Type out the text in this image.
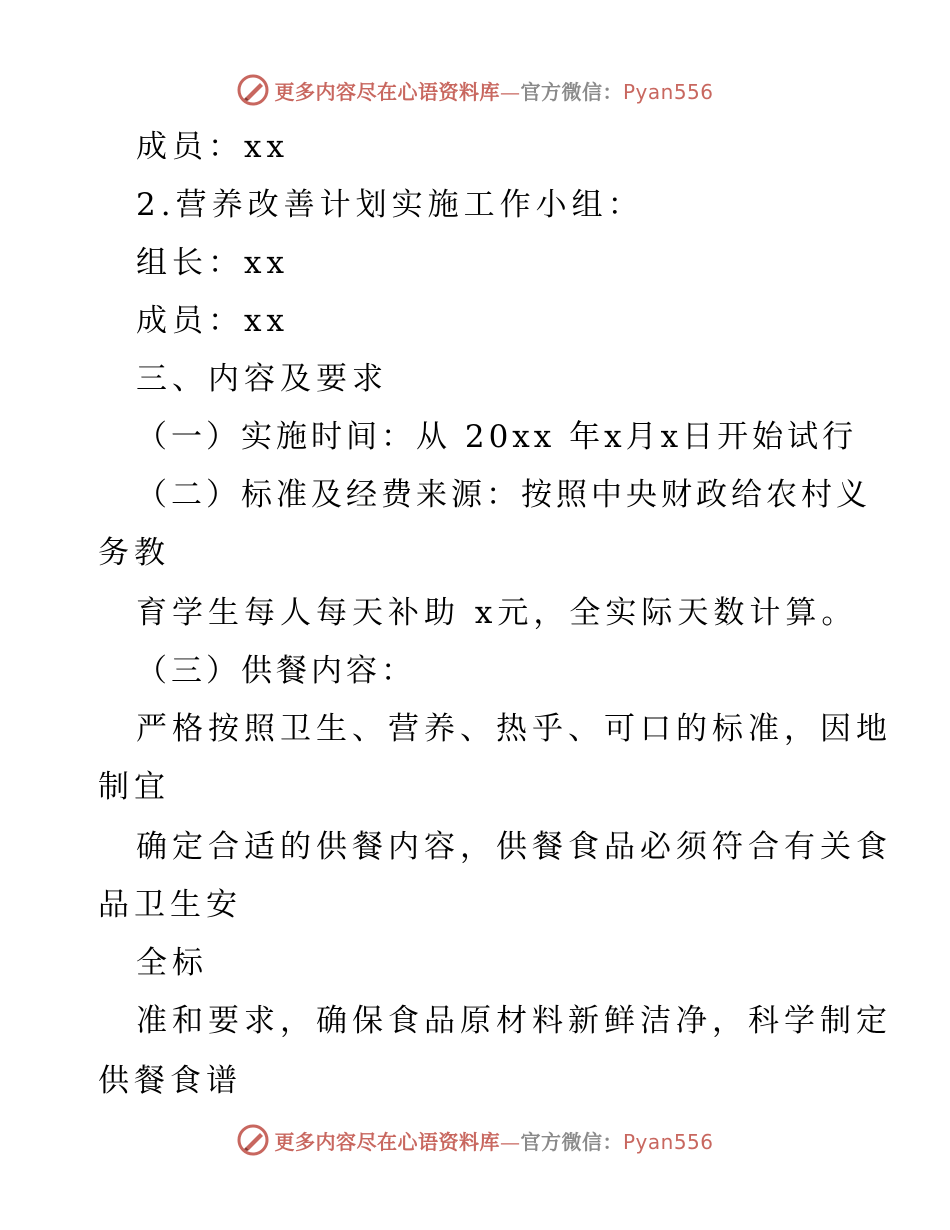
更多内容尽在心语资料库—官方微信：Pyan556
成员：xx
2.营养改善计划实施工作小组：
组长：xx
成员：xx
三、内容及要求
（一）实施时间：从 20xx 年x月x日开始试行
（二）标准及经费来源：按照中央财政给农村义
务教
育学生每人每天补助 x元，全实际天数计算。
（三）供餐内容：
严格按照卫生、营养、热乎、可口的标准，因地
制宜
确定合适的供餐内容，供餐食品必须符合有关食
品卫生安
全标
准和要求，确保食品原材料新鲜洁净，科学制定
供餐食谱
更多内容尽在心语资料库—官方微信：Pyan556
